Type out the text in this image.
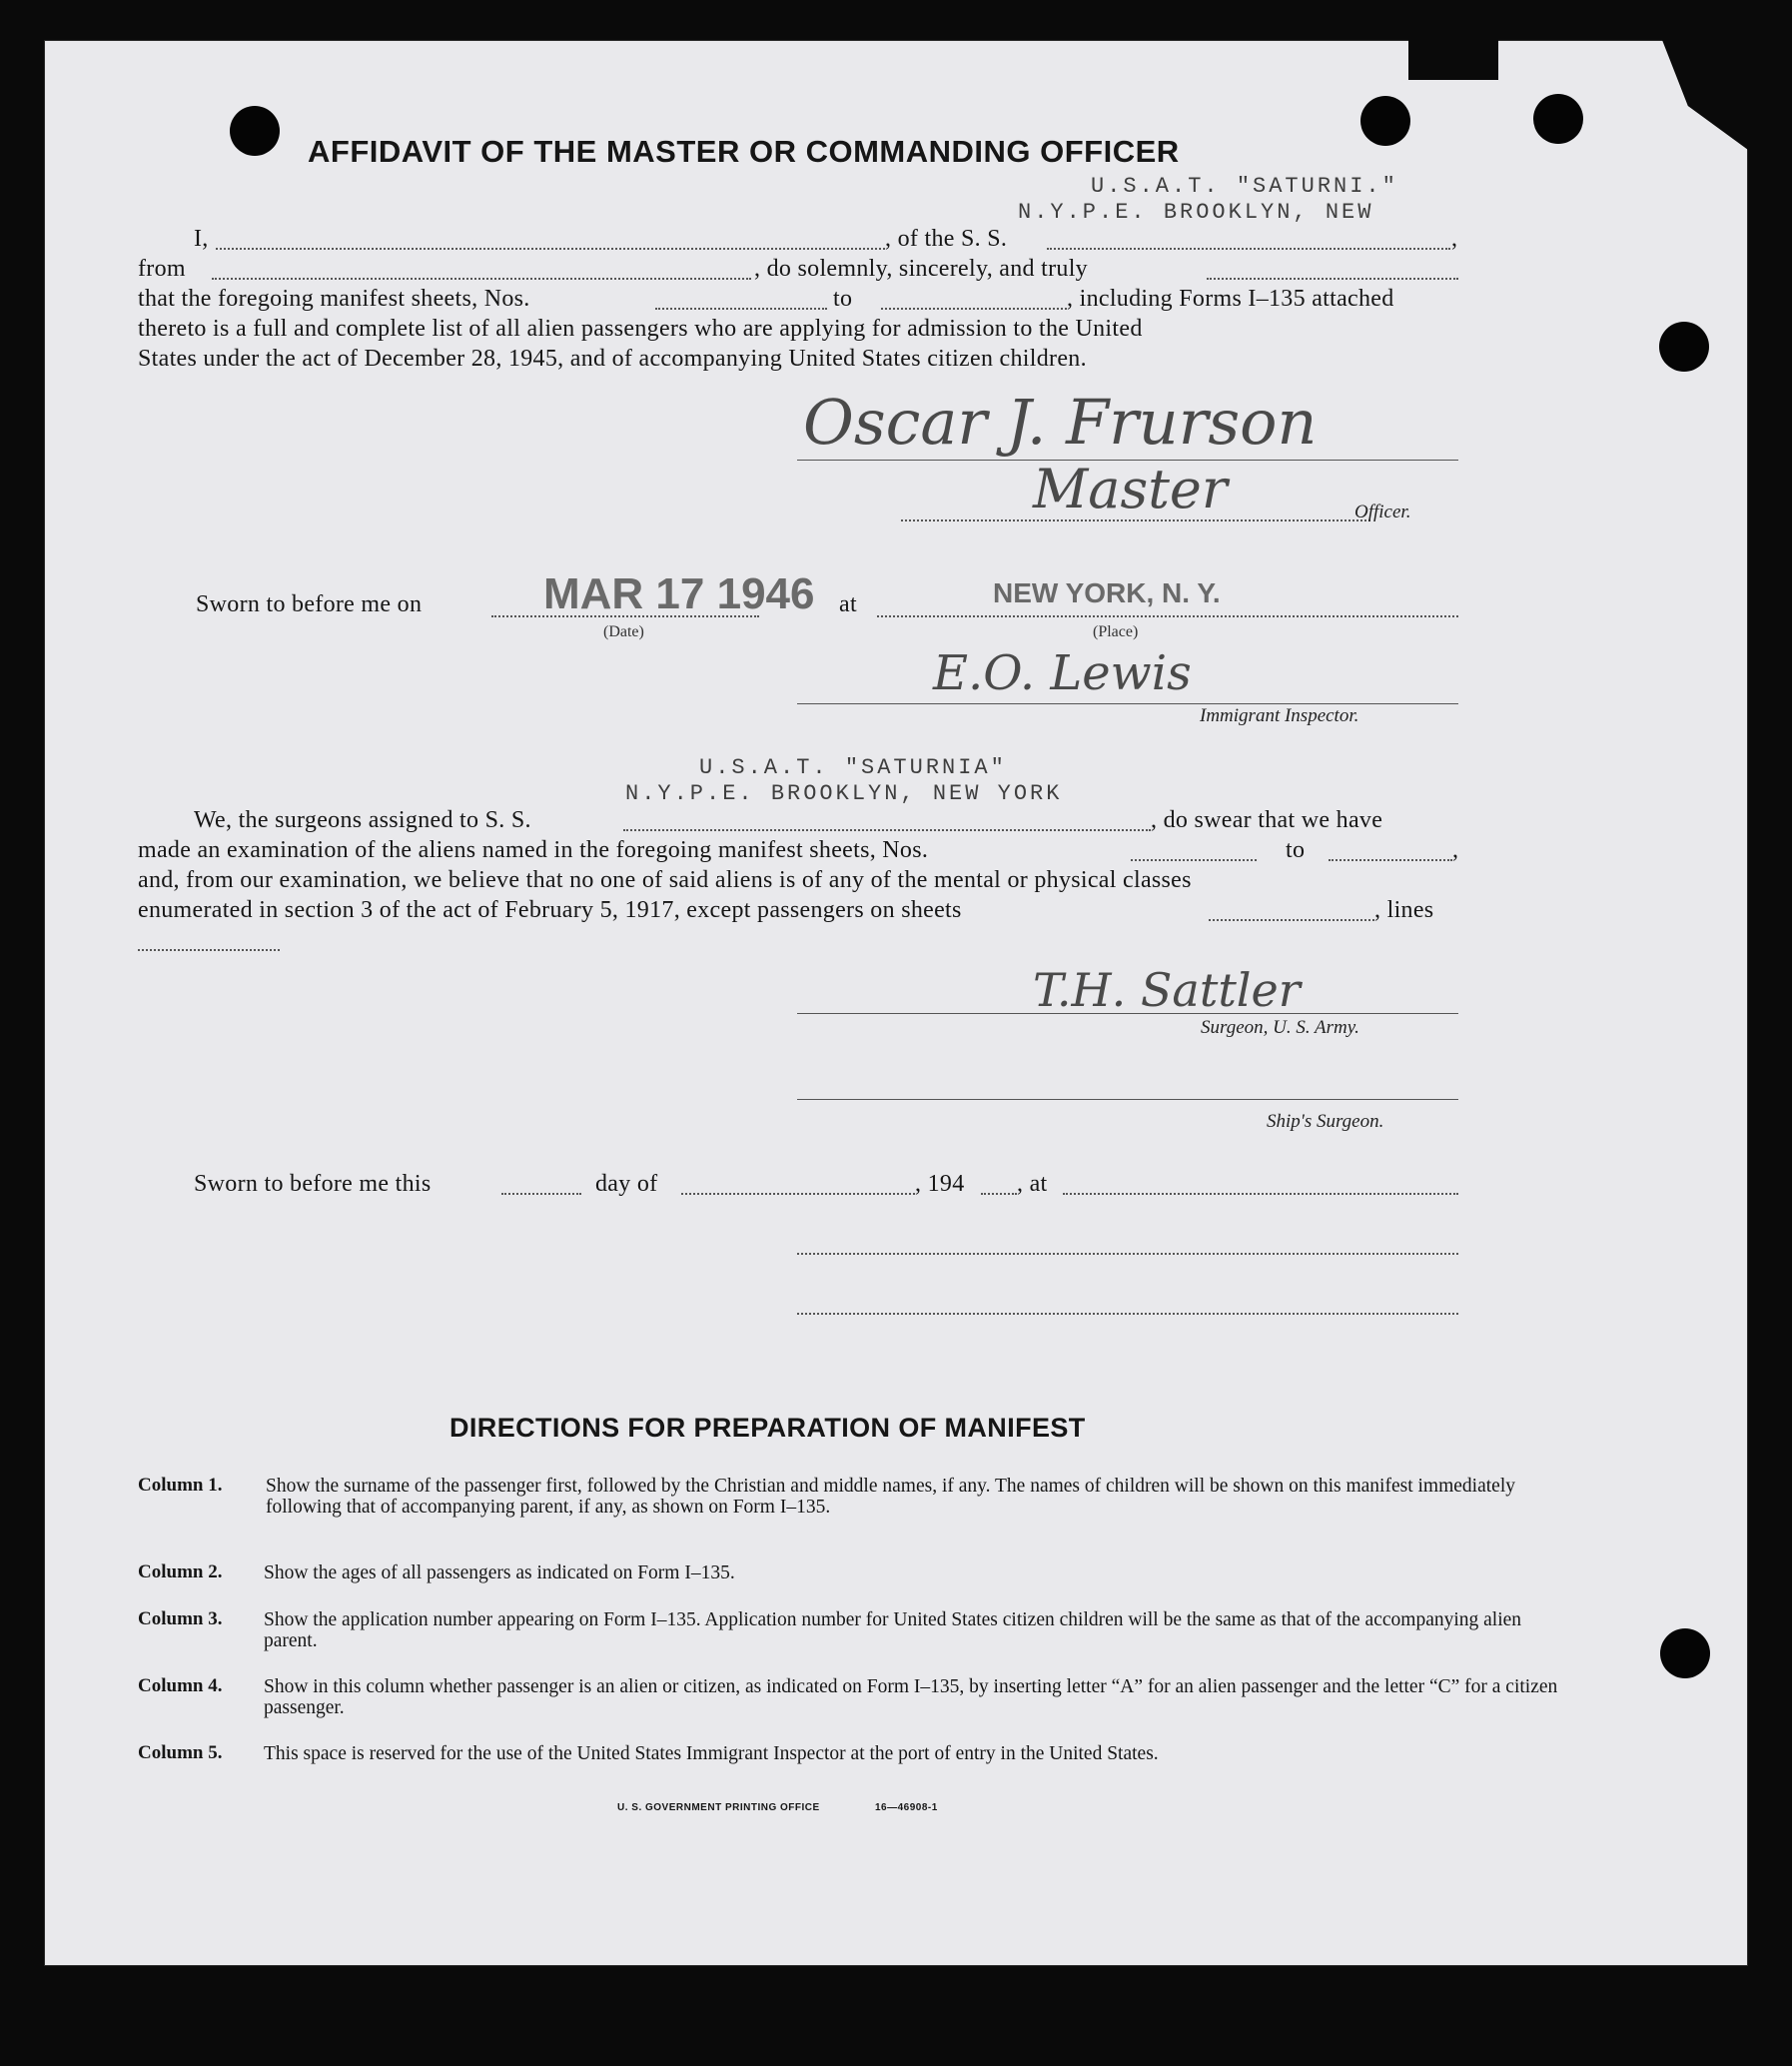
AFFIDAVIT OF THE MASTER OR COMMANDING OFFICER
U.S.A.T. "SATURNI."
N.Y.P.E. BROOKLYN, NEW
I,	, of the S. S.	,
from	, do solemnly, sincerely, and truly
that the foregoing manifest sheets, Nos.	to	, including Forms I–135 attached
thereto is a full and complete list of all alien passengers who are applying for admission to the United
States under the act of December 28, 1945, and of accompanying United States citizen children.
Oscar J. Frurson
Master	Officer.
Sworn to before me on	MAR 17 1946 at	NEW YORK, N. Y.
(Date)	(Place)
E.O. Lewis
Immigrant Inspector.
U.S.A.T. "SATURNIA"
N.Y.P.E. BROOKLYN, NEW YORK
We, the surgeons assigned to S. S.	, do swear that we have
made an examination of the aliens named in the foregoing manifest sheets, Nos.	to	,
and, from our examination, we believe that no one of said aliens is of any of the mental or physical classes
enumerated in section 3 of the act of February 5, 1917, except passengers on sheets	, lines
T.H. Sattler
Surgeon, U. S. Army.
Ship's Surgeon.
Sworn to before me this	day of	, 194 , at
DIRECTIONS FOR PREPARATION OF MANIFEST
Column 1. Show the surname of the passenger first, followed by the Christian and middle names, if any. The names of children will be shown on this manifest immediately following that of accompanying parent, if any, as shown on Form I–135.
Column 2. Show the ages of all passengers as indicated on Form I–135.
Column 3. Show the application number appearing on Form I–135. Application number for United States citizen children will be the same as that of the accompanying alien parent.
Column 4. Show in this column whether passenger is an alien or citizen, as indicated on Form I–135, by inserting letter “A” for an alien passenger and the letter “C” for a citizen passenger.
Column 5. This space is reserved for the use of the United States Immigrant Inspector at the port of entry in the United States.
U. S. GOVERNMENT PRINTING OFFICE	16—46908-1
